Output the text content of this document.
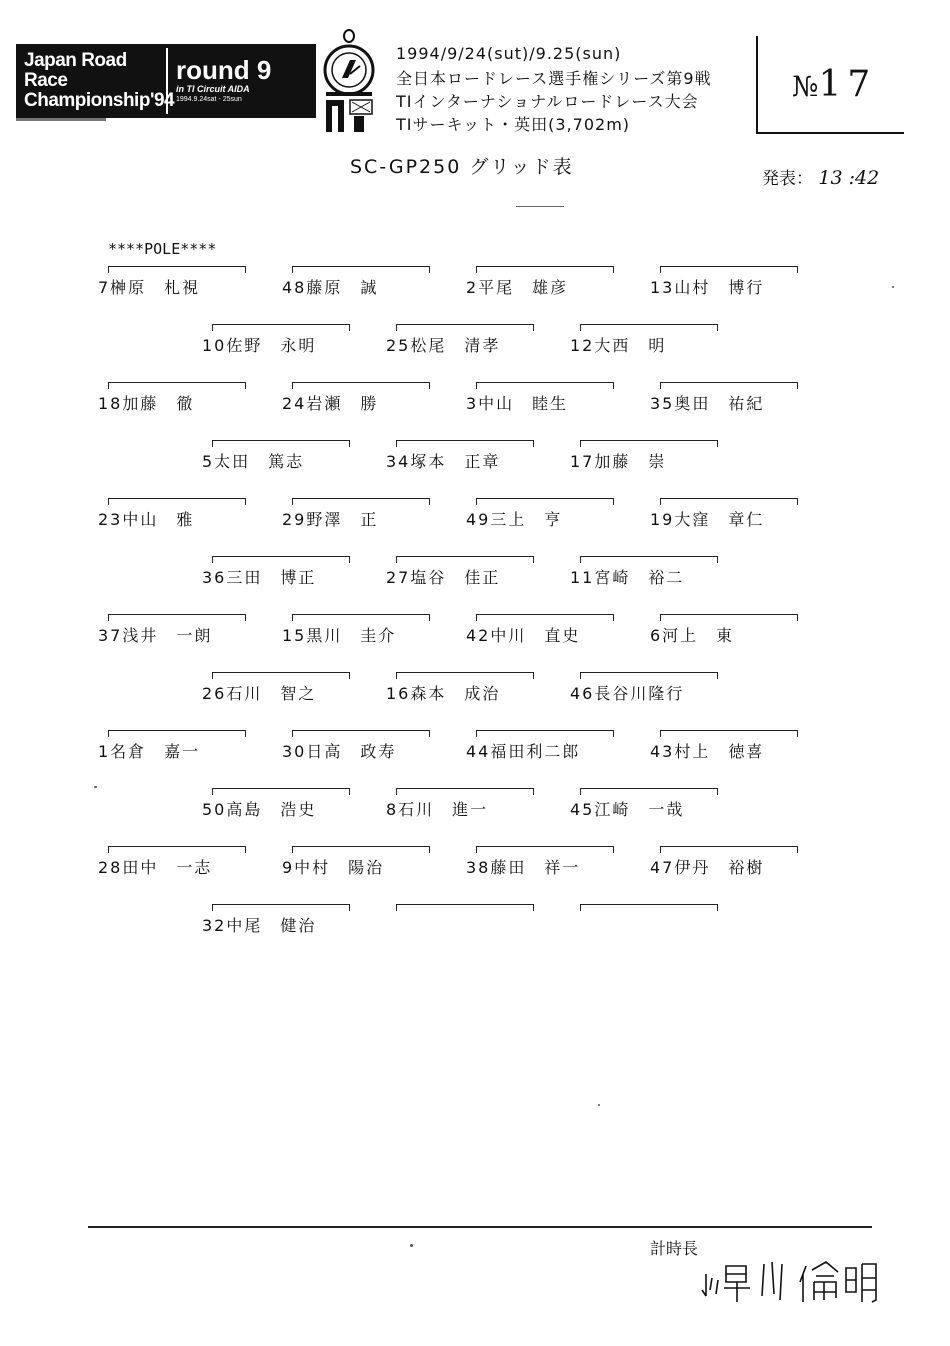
Japan Road Race
Championship'94
round 9
in TI Circuit AIDA
1994.9.24sat - 25sun
1994/9/24(sut)/9.25(sun)
全日本ロードレース選手権シリーズ第9戦
TIインターナショナルロードレース大会
TIサーキット・英田(3,702m)
№17
SC-GP250 グリッド表
発表： 13 :42
****POLE****
7榊原　札視	48藤原　誠	2平尾　雄彦	13山村　博行
10佐野　永明	25松尾　清孝	12大西　明
18加藤　徹	24岩瀬　勝	3中山　睦生	35奥田　祐紀
5太田　篤志	34塚本　正章	17加藤　崇
23中山　雅	29野澤　正	49三上　亨	19大窪　章仁
36三田　博正	27塩谷　佳正	11宮崎　裕二
37浅井　一朗	15黒川　圭介	42中川　直史	6河上　東
26石川　智之	16森本　成治	46長谷川隆行
1名倉　嘉一	30日高　政寿	44福田利二郎	43村上　徳喜
50高島　浩史	8石川　進一	45江崎　一哉
28田中　一志	9中村　陽治	38藤田　祥一	47伊丹　裕樹
32中尾　健治
計時長
